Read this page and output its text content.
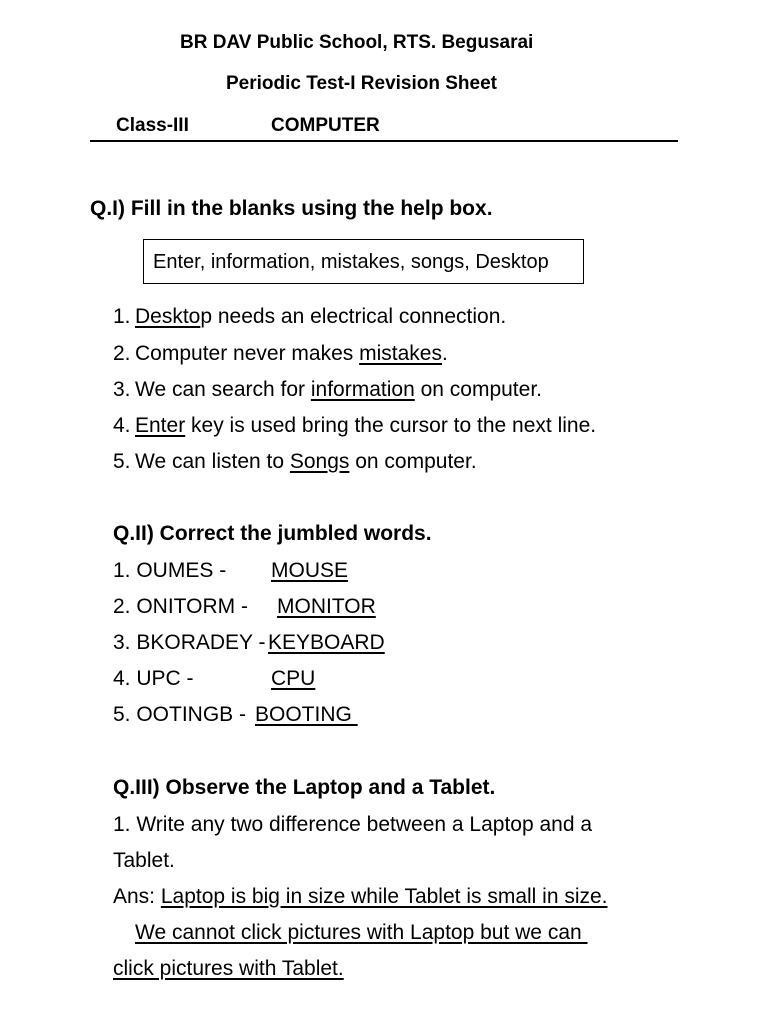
BR DAV Public School, RTS. Begusarai
Periodic Test-I Revision Sheet
Class-III	COMPUTER
Q.I) Fill in the blanks using the help box.
Enter, information, mistakes, songs, Desktop
1. Desktop needs an electrical connection.
2. Computer never makes mistakes.
3. We can search for information on computer.
4. Enter key is used bring the cursor to the next line.
5. We can listen to Songs on computer.
Q.II) Correct the jumbled words.
1. OUMES - MOUSE
2. ONITORM - MONITOR
3. BKORADEY - KEYBOARD
4. UPC -	CPU
5. OOTINGB - BOOTING
Q.III) Observe the Laptop and a Tablet.
1. Write any two difference between a Laptop and a
Tablet.
Ans: Laptop is big in size while Tablet is small in size.
We cannot click pictures with Laptop but we can
click pictures with Tablet.
